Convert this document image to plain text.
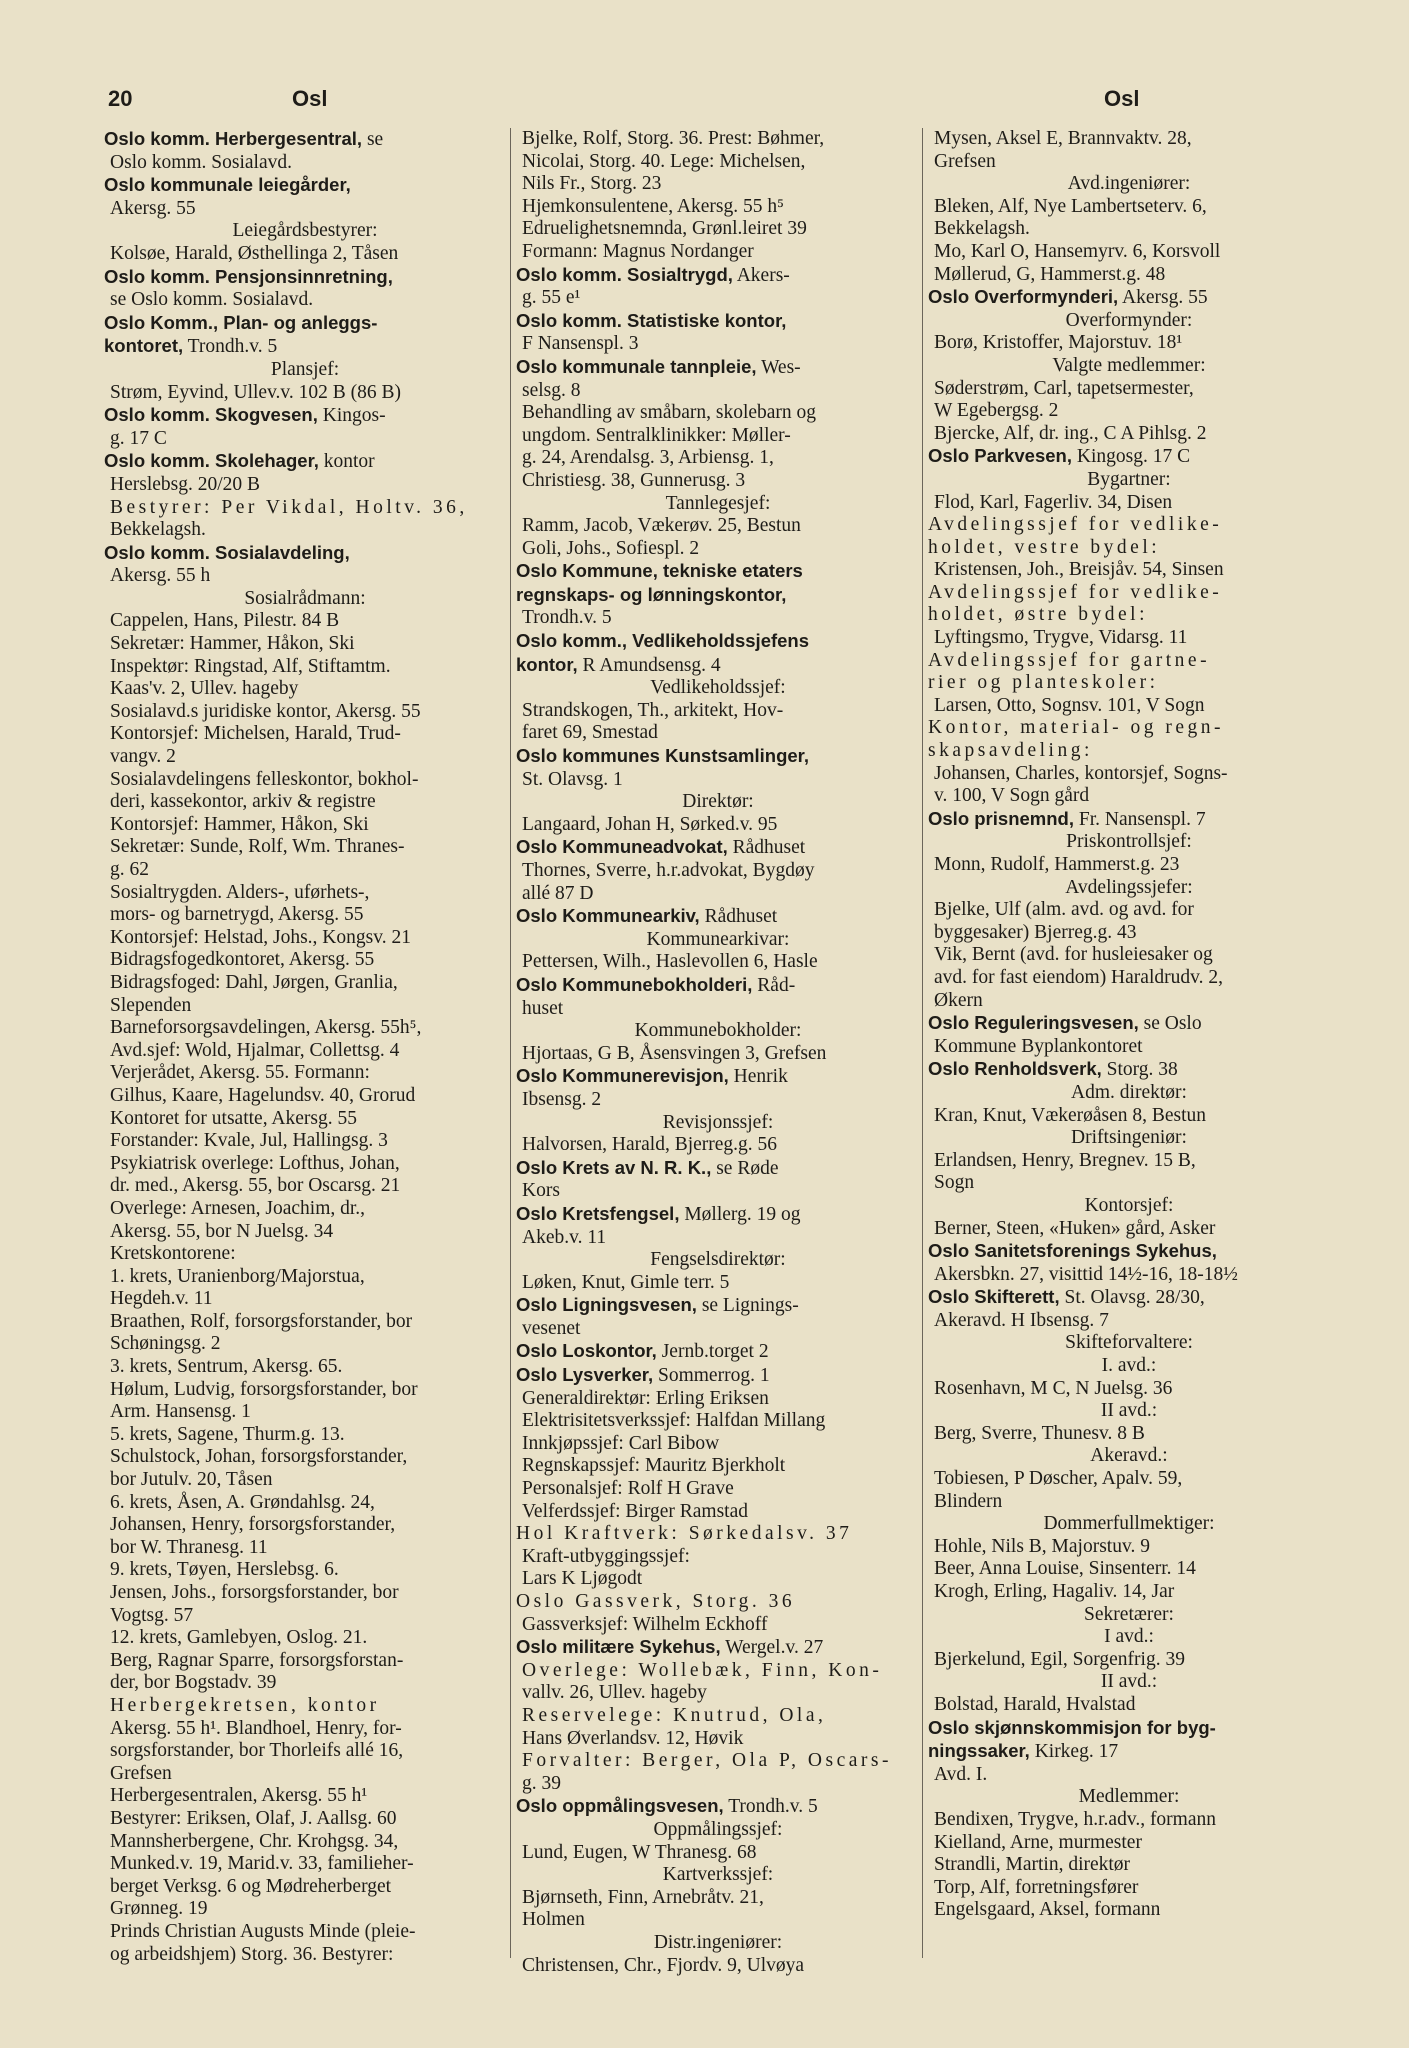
20	Osl	Osl
Oslo komm. Herbergesentral, se
Oslo komm. Sosialavd.
Oslo kommunale leiegårder,
Akersg. 55
Leiegårdsbestyrer:
Kolsøe, Harald, Østhellinga 2, Tåsen
Oslo komm. Pensjonsinnretning,
se Oslo komm. Sosialavd.
Oslo Komm., Plan- og anleggs-
kontoret, Trondh.v. 5
Plansjef:
Strøm, Eyvind, Ullev.v. 102 B (86 B)
Oslo komm. Skogvesen, Kingos-
g. 17 C
Oslo komm. Skolehager, kontor
Herslebsg. 20/20 B
Bestyrer: Per Vikdal, Holtv. 36,
Bekkelagsh.
Oslo komm. Sosialavdeling,
Akersg. 55 h
Sosialrådmann:
Cappelen, Hans, Pilestr. 84 B
Sekretær: Hammer, Håkon, Ski
Inspektør: Ringstad, Alf, Stiftamtm.
Kaas'v. 2, Ullev. hageby
Sosialavd.s juridiske kontor, Akersg. 55
Kontorsjef: Michelsen, Harald, Trud-
vangv. 2
Sosialavdelingens felleskontor, bokhol-
deri, kassekontor, arkiv & registre
Kontorsjef: Hammer, Håkon, Ski
Sekretær: Sunde, Rolf, Wm. Thranes-
g. 62
Sosialtrygden. Alders-, uførhets-,
mors- og barnetrygd, Akersg. 55
Kontorsjef: Helstad, Johs., Kongsv. 21
Bidragsfogedkontoret, Akersg. 55
Bidragsfoged: Dahl, Jørgen, Granlia,
Slependen
Barneforsorgsavdelingen, Akersg. 55h⁵,
Avd.sjef: Wold, Hjalmar, Collettsg. 4
Verjerådet, Akersg. 55. Formann:
Gilhus, Kaare, Hagelundsv. 40, Grorud
Kontoret for utsatte, Akersg. 55
Forstander: Kvale, Jul, Hallingsg. 3
Psykiatrisk overlege: Lofthus, Johan,
dr. med., Akersg. 55, bor Oscarsg. 21
Overlege: Arnesen, Joachim, dr.,
Akersg. 55, bor N Juelsg. 34
Kretskontorene:
1. krets, Uranienborg/Majorstua,
Hegdeh.v. 11
Braathen, Rolf, forsorgsforstander, bor
Schøningsg. 2
3. krets, Sentrum, Akersg. 65.
Hølum, Ludvig, forsorgsforstander, bor
Arm. Hansensg. 1
5. krets, Sagene, Thurm.g. 13.
Schulstock, Johan, forsorgsforstander,
bor Jutulv. 20, Tåsen
6. krets, Åsen, A. Grøndahlsg. 24,
Johansen, Henry, forsorgsforstander,
bor W. Thranesg. 11
9. krets, Tøyen, Herslebsg. 6.
Jensen, Johs., forsorgsforstander, bor
Vogtsg. 57
12. krets, Gamlebyen, Oslog. 21.
Berg, Ragnar Sparre, forsorgsforstan-
der, bor Bogstadv. 39
Herbergekretsen, kontor
Akersg. 55 h¹. Blandhoel, Henry, for-
sorgsforstander, bor Thorleifs allé 16,
Grefsen
Herbergesentralen, Akersg. 55 h¹
Bestyrer: Eriksen, Olaf, J. Aallsg. 60
Mannsherbergene, Chr. Krohgsg. 34,
Munked.v. 19, Marid.v. 33, familieher-
berget Verksg. 6 og Mødreherberget
Grønneg. 19
Prinds Christian Augusts Minde (pleie-
og arbeidshjem) Storg. 36. Bestyrer:
Bjelke, Rolf, Storg. 36. Prest: Bøhmer,
Nicolai, Storg. 40. Lege: Michelsen,
Nils Fr., Storg. 23
Hjemkonsulentene, Akersg. 55 h⁵
Edruelighetsnemnda, Grønl.leiret 39
Formann: Magnus Nordanger
Oslo komm. Sosialtrygd, Akers-
g. 55 e¹
Oslo komm. Statistiske kontor,
F Nansenspl. 3
Oslo kommunale tannpleie, Wes-
selsg. 8
Behandling av småbarn, skolebarn og
ungdom. Sentralklinikker: Møller-
g. 24, Arendalsg. 3, Arbiensg. 1,
Christiesg. 38, Gunnerusg. 3
Tannlegesjef:
Ramm, Jacob, Vækerøv. 25, Bestun
Goli, Johs., Sofiespl. 2
Oslo Kommune, tekniske etaters
regnskaps- og lønningskontor,
Trondh.v. 5
Oslo komm., Vedlikeholdssjefens
kontor, R Amundsensg. 4
Vedlikeholdssjef:
Strandskogen, Th., arkitekt, Hov-
faret 69, Smestad
Oslo kommunes Kunstsamlinger,
St. Olavsg. 1
Direktør:
Langaard, Johan H, Sørked.v. 95
Oslo Kommuneadvokat, Rådhuset
Thornes, Sverre, h.r.advokat, Bygdøy
allé 87 D
Oslo Kommunearkiv, Rådhuset
Kommunearkivar:
Pettersen, Wilh., Haslevollen 6, Hasle
Oslo Kommunebokholderi, Råd-
huset
Kommunebokholder:
Hjortaas, G B, Åsensvingen 3, Grefsen
Oslo Kommunerevisjon, Henrik
Ibsensg. 2
Revisjonssjef:
Halvorsen, Harald, Bjerreg.g. 56
Oslo Krets av N. R. K., se Røde
Kors
Oslo Kretsfengsel, Møllerg. 19 og
Akeb.v. 11
Fengselsdirektør:
Løken, Knut, Gimle terr. 5
Oslo Ligningsvesen, se Lignings-
vesenet
Oslo Loskontor, Jernb.torget 2
Oslo Lysverker, Sommerrog. 1
Generaldirektør: Erling Eriksen
Elektrisitetsverkssjef: Halfdan Millang
Innkjøpssjef: Carl Bibow
Regnskapssjef: Mauritz Bjerkholt
Personalsjef: Rolf H Grave
Velferdssjef: Birger Ramstad
Hol Kraftverk: Sørkedalsv. 37
Kraft-utbyggingssjef:
Lars K Ljøgodt
Oslo Gassverk, Storg. 36
Gassverksjef: Wilhelm Eckhoff
Oslo militære Sykehus, Wergel.v. 27
Overlege: Wollebæk, Finn, Kon-
vallv. 26, Ullev. hageby
Reservelege: Knutrud, Ola,
Hans Øverlandsv. 12, Høvik
Forvalter: Berger, Ola P, Oscars-
g. 39
Oslo oppmålingsvesen, Trondh.v. 5
Oppmålingssjef:
Lund, Eugen, W Thranesg. 68
Kartverkssjef:
Bjørnseth, Finn, Arnebråtv. 21,
Holmen
Distr.ingeniører:
Christensen, Chr., Fjordv. 9, Ulvøya
Mysen, Aksel E, Brannvaktv. 28,
Grefsen
Avd.ingeniører:
Bleken, Alf, Nye Lambertseterv. 6,
Bekkelagsh.
Mo, Karl O, Hansemyrv. 6, Korsvoll
Møllerud, G, Hammerst.g. 48
Oslo Overformynderi, Akersg. 55
Overformynder:
Borø, Kristoffer, Majorstuv. 18¹
Valgte medlemmer:
Søderstrøm, Carl, tapetsermester,
W Egebergsg. 2
Bjercke, Alf, dr. ing., C A Pihlsg. 2
Oslo Parkvesen, Kingosg. 17 C
Bygartner:
Flod, Karl, Fagerliv. 34, Disen
Avdelingssjef for vedlike-
holdet, vestre bydel:
Kristensen, Joh., Breisjåv. 54, Sinsen
Avdelingssjef for vedlike-
holdet, østre bydel:
Lyftingsmo, Trygve, Vidarsg. 11
Avdelingssjef for gartne-
rier og planteskoler:
Larsen, Otto, Sognsv. 101, V Sogn
Kontor, material- og regn-
skapsavdeling:
Johansen, Charles, kontorsjef, Sogns-
v. 100, V Sogn gård
Oslo prisnemnd, Fr. Nansenspl. 7
Priskontrollsjef:
Monn, Rudolf, Hammerst.g. 23
Avdelingssjefer:
Bjelke, Ulf (alm. avd. og avd. for
byggesaker) Bjerreg.g. 43
Vik, Bernt (avd. for husleiesaker og
avd. for fast eiendom) Haraldrudv. 2,
Økern
Oslo Reguleringsvesen, se Oslo
Kommune Byplankontoret
Oslo Renholdsverk, Storg. 38
Adm. direktør:
Kran, Knut, Vækerøåsen 8, Bestun
Driftsingeniør:
Erlandsen, Henry, Bregnev. 15 B,
Sogn
Kontorsjef:
Berner, Steen, «Huken» gård, Asker
Oslo Sanitetsforenings Sykehus,
Akersbkn. 27, visittid 14½-16, 18-18½
Oslo Skifterett, St. Olavsg. 28/30,
Akeravd. H Ibsensg. 7
Skifteforvaltere:
I. avd.:
Rosenhavn, M C, N Juelsg. 36
II avd.:
Berg, Sverre, Thunesv. 8 B
Akeravd.:
Tobiesen, P Døscher, Apalv. 59,
Blindern
Dommerfullmektiger:
Hohle, Nils B, Majorstuv. 9
Beer, Anna Louise, Sinsenterr. 14
Krogh, Erling, Hagaliv. 14, Jar
Sekretærer:
I avd.:
Bjerkelund, Egil, Sorgenfrig. 39
II avd.:
Bolstad, Harald, Hvalstad
Oslo skjønnskommisjon for byg-
ningssaker, Kirkeg. 17
Avd. I.
Medlemmer:
Bendixen, Trygve, h.r.adv., formann
Kielland, Arne, murmester
Strandli, Martin, direktør
Torp, Alf, forretningsfører
Engelsgaard, Aksel, formann
